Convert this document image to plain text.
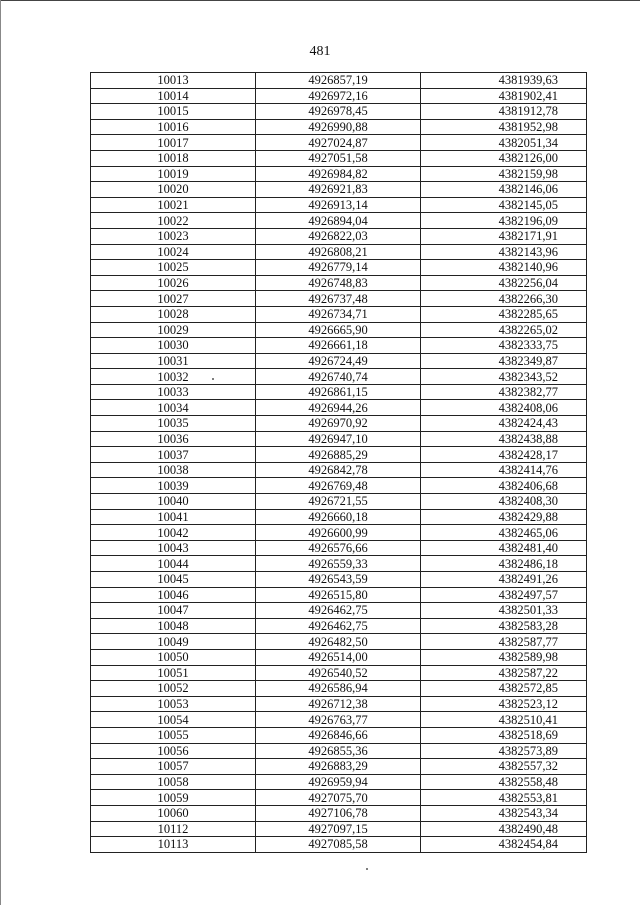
481
10013	4926857,19	4381939,63
10014	4926972,16	4381902,41
10015	4926978,45	4381912,78
10016	4926990,88	4381952,98
10017	4927024,87	4382051,34
10018	4927051,58	4382126,00
10019	4926984,82	4382159,98
10020	4926921,83	4382146,06
10021	4926913,14	4382145,05
10022	4926894,04	4382196,09
10023	4926822,03	4382171,91
10024	4926808,21	4382143,96
10025	4926779,14	4382140,96
10026	4926748,83	4382256,04
10027	4926737,48	4382266,30
10028	4926734,71	4382285,65
10029	4926665,90	4382265,02
10030	4926661,18	4382333,75
10031	4926724,49	4382349,87
10032	4926740,74	4382343,52
10033	4926861,15	4382382,77
10034	4926944,26	4382408,06
10035	4926970,92	4382424,43
10036	4926947,10	4382438,88
10037	4926885,29	4382428,17
10038	4926842,78	4382414,76
10039	4926769,48	4382406,68
10040	4926721,55	4382408,30
10041	4926660,18	4382429,88
10042	4926600,99	4382465,06
10043	4926576,66	4382481,40
10044	4926559,33	4382486,18
10045	4926543,59	4382491,26
10046	4926515,80	4382497,57
10047	4926462,75	4382501,33
10048	4926462,75	4382583,28
10049	4926482,50	4382587,77
10050	4926514,00	4382589,98
10051	4926540,52	4382587,22
10052	4926586,94	4382572,85
10053	4926712,38	4382523,12
10054	4926763,77	4382510,41
10055	4926846,66	4382518,69
10056	4926855,36	4382573,89
10057	4926883,29	4382557,32
10058	4926959,94	4382558,48
10059	4927075,70	4382553,81
10060	4927106,78	4382543,34
10112	4927097,15	4382490,48
10113	4927085,58	4382454,84
